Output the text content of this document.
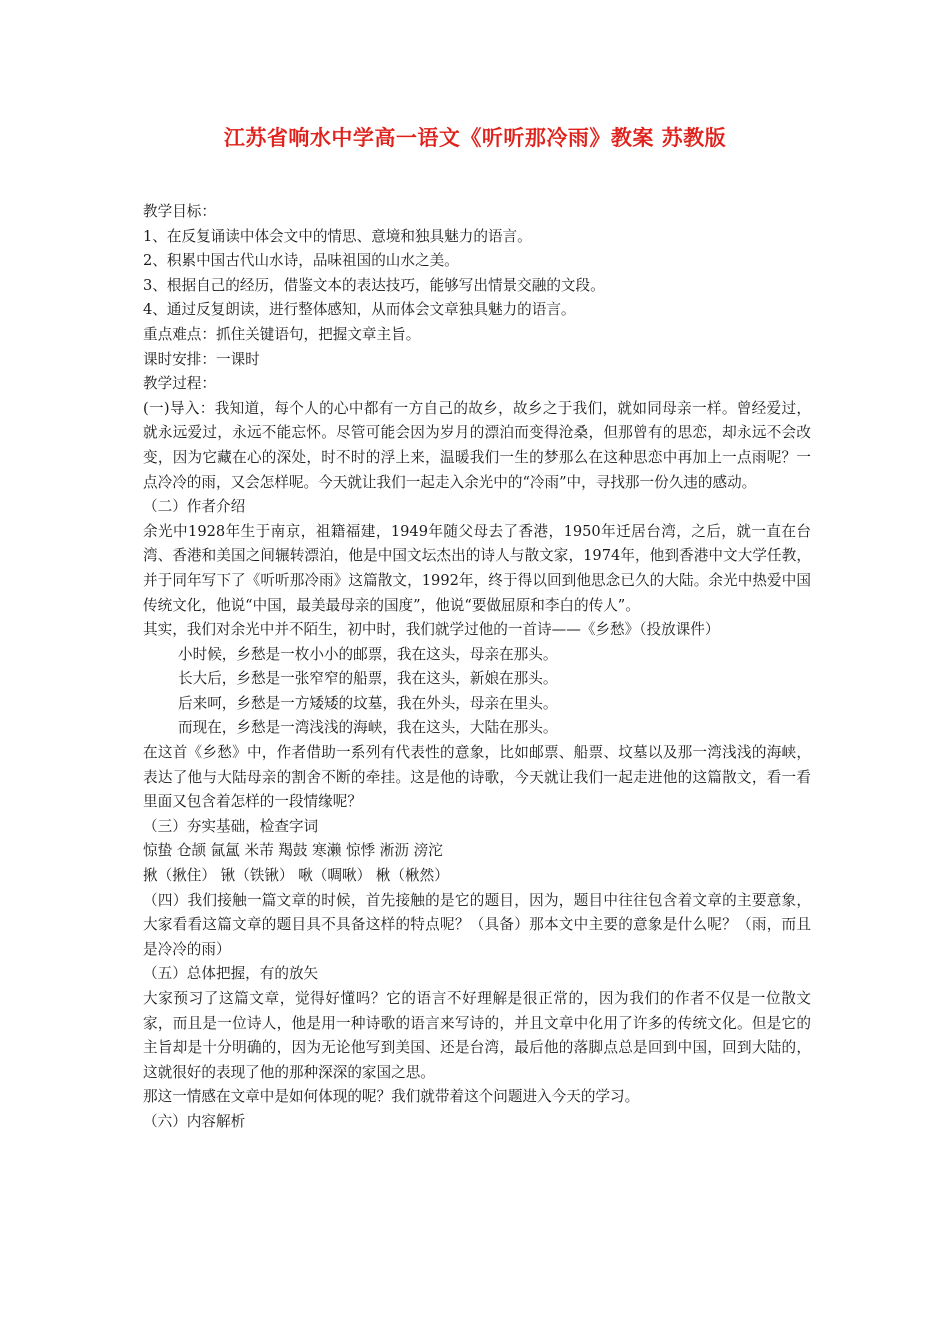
江苏省响水中学高一语文《听听那冷雨》教案 苏教版

教学目标：

1、在反复诵读中体会文中的情思、意境和独具魅力的语言。

2、积累中国古代山水诗，品味祖国的山水之美。

3、根据自己的经历，借鉴文本的表达技巧，能够写出情景交融的文段。

4、通过反复朗读，进行整体感知，从而体会文章独具魅力的语言。

重点难点：抓住关键语句，把握文章主旨。

课时安排：一课时

教学过程：

(一)导入：我知道，每个人的心中都有一方自己的故乡，故乡之于我们，就如同母亲一样。曾经爱过，就永远爱过，永远不能忘怀。尽管可能会因为岁月的漂泊而变得沧桑，但那曾有的思恋，却永远不会改变，因为它藏在心的深处，时不时的浮上来，温暖我们一生的梦那么在这种思恋中再加上一点雨呢？一点冷冷的雨，又会怎样呢。今天就让我们一起走入余光中的“冷雨”中，寻找那一份久违的感动。

（二）作者介绍

余光中1928年生于南京，祖籍福建，1949年随父母去了香港，1950年迁居台湾，之后，就一直在台湾、香港和美国之间辗转漂泊，他是中国文坛杰出的诗人与散文家，1974年，他到香港中文大学任教，并于同年写下了《听听那冷雨》这篇散文，1992年，终于得以回到他思念已久的大陆。余光中热爱中国传统文化，他说“中国，最美最母亲的国度”，他说“要做屈原和李白的传人”。

其实，我们对余光中并不陌生，初中时，我们就学过他的一首诗——《乡愁》（投放课件）

小时候，乡愁是一枚小小的邮票，我在这头，母亲在那头。

长大后，乡愁是一张窄窄的船票，我在这头，新娘在那头。

后来呵，乡愁是一方矮矮的坟墓，我在外头，母亲在里头。

而现在，乡愁是一湾浅浅的海峡，我在这头，大陆在那头。

在这首《乡愁》中，作者借助一系列有代表性的意象，比如邮票、船票、坟墓以及那一湾浅浅的海峡，表达了他与大陆母亲的割舍不断的牵挂。这是他的诗歌，今天就让我们一起走进他的这篇散文，看一看里面又包含着怎样的一段情缘呢？

（三）夯实基础，检查字词

惊蛰 仓颉 氤氲 米芾 羯鼓 寒濑 惊悸 淅沥 滂沱

揪（揪住） 锹（铁锹） 啾（啁啾） 楸（楸然）

（四）我们接触一篇文章的时候，首先接触的是它的题目，因为，题目中往往包含着文章的主要意象，大家看看这篇文章的题目具不具备这样的特点呢？（具备）那本文中主要的意象是什么呢？（雨，而且是冷冷的雨）

（五）总体把握，有的放矢

大家预习了这篇文章，觉得好懂吗？它的语言不好理解是很正常的，因为我们的作者不仅是一位散文家，而且是一位诗人，他是用一种诗歌的语言来写诗的，并且文章中化用了许多的传统文化。但是它的主旨却是十分明确的，因为无论他写到美国、还是台湾，最后他的落脚点总是回到中国，回到大陆的，这就很好的表现了他的那种深深的家国之思。

那这一情感在文章中是如何体现的呢？我们就带着这个问题进入今天的学习。

（六）内容解析
